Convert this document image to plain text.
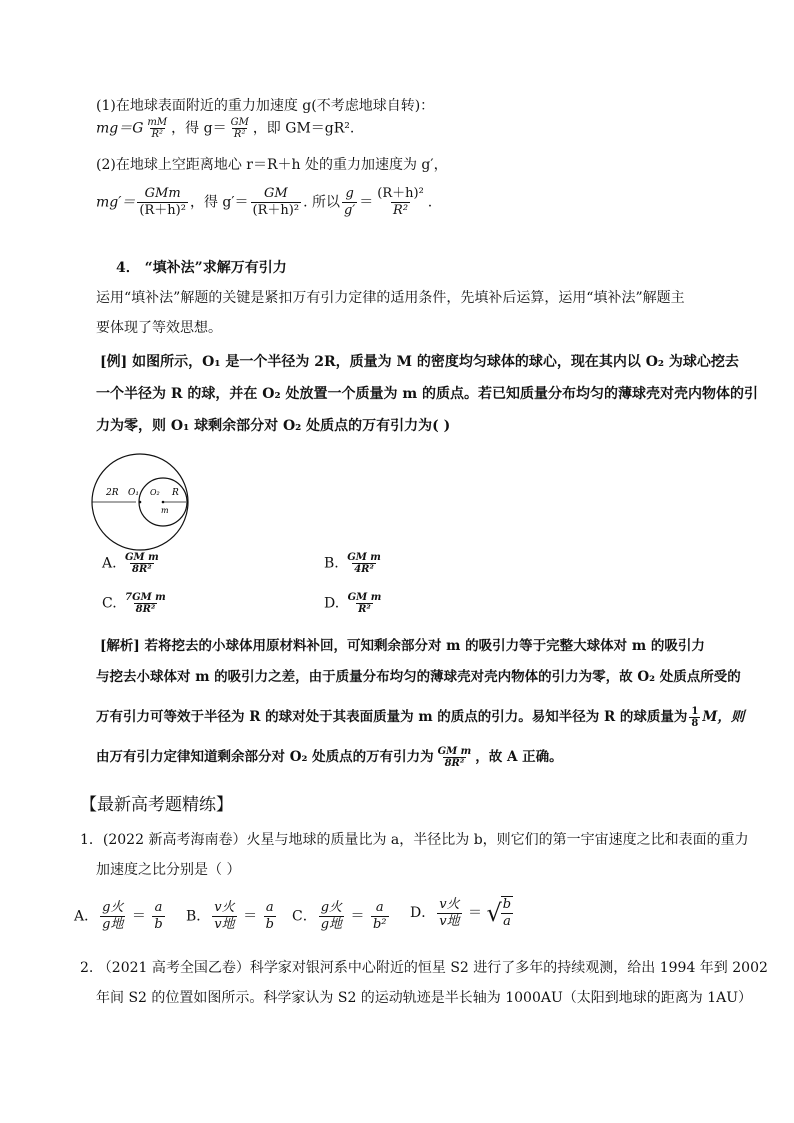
(1)在地球表面附近的重力加速度 g(不考虑地球自转)：
$mg=G \frac{mM}{\text{R²}}$ ，得 $g= \frac{GM}{\text{R²}}$ ，即 GM＝gR².
(2)在地球上空距离地心 r＝R＋h 处的重力加速度为 g′，
$mg'= \frac{\text{GMm}}{\text{(R＋h)²}}$ ，得 $g'= \frac{GM}{\text{(R＋h)²}}$ . 所以 $\frac{g}{g'} = \frac{\text{(R＋h)²}}{\text{R²}}$ .
4． “填补法”求解万有引力
运用“填补法”解题的关键是紧扣万有引力定律的适用条件，先填补后运算，运用“填补法”解题主
要体现了等效思想。
[例] 如图所示，O₁ 是一个半径为 2R，质量为 M 的密度均匀球体的球心，现在其内以 O₂ 为球心挖去
一个半径为 R 的球，并在 O₂ 处放置一个质量为 m 的质点。若已知质量分布均匀的薄球壳对壳内物体的引
力为零，则 O₁ 球剩余部分对 O₂ 处质点的万有引力为( )
2R O₁ O₂ R
m
A. $\frac{\text{GM m}}{\text{8R²}}$	B. $\frac{\text{GM m}}{\text{4R²}}$
C. $\frac{\text{7GM m}}{\text{8R²}}$	D. $\frac{\text{GM m}}{\text{R²}}$
[解析] 若将挖去的小球体用原材料补回，可知剩余部分对 m 的吸引力等于完整大球体对 m 的吸引力
与挖去小球体对 m 的吸引力之差，由于质量分布均匀的薄球壳对壳内物体的引力为零，故 O₂ 处质点所受的
万有引力可等效于半径为 R 的球对处于其表面质量为 m 的质点的引力。易知半径为 R 的球质量为 $\frac{1}{8}$ M，则
由万有引力定律知道剩余部分对 O₂ 处质点的万有引力为 $\frac{\text{GM m}}{\text{8R²}}$ ，故 A 正确。
【最新高考题精练】
1．(2022 新高考海南卷）火星与地球的质量比为 a，半径比为 b，则它们的第一宇宙速度之比和表面的重力
加速度之比分别是（ ）
A． $\frac{\text{g火}}{\text{g地}} = \frac{a}{b}$ B． $\frac{\text{v火}}{\text{v地}} = \frac{a}{b}$ C． $\frac{\text{g火}}{\text{g地}} = \frac{a}{\text{b²}}$ D． $\frac{\text{v火}}{\text{v地}}$ ＝ √ $\frac{b}{a}$
2. （2021 高考全国乙卷）科学家对银河系中心附近的恒星 S2 进行了多年的持续观测，给出 1994 年到 2002
年间 S2 的位置如图所示。科学家认为 S2 的运动轨迹是半长轴为 1000AU（太阳到地球的距离为 1AU）
